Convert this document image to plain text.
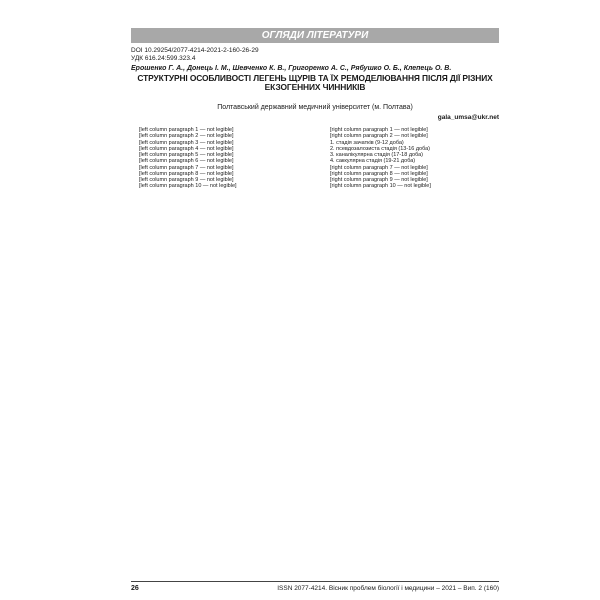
ОГЛЯДИ ЛІТЕРАТУРИ
DOI 10.29254/2077-4214-2021-2-160-26-29
УДК 616.24:599.323.4
Ерошенко Г. А., Донець І. М., Шевченко К. В., Григоренко А. С., Рябушко О. Б., Клепець О. В.
СТРУКТУРНІ ОСОБЛИВОСТІ ЛЕГЕНЬ ЩУРІВ ТА ЇХ РЕМОДЕЛЮВАННЯ ПІСЛЯ ДІЇ РІЗНИХ ЕКЗОГЕННИХ ЧИННИКІВ
Полтавський державний медичний університет (м. Полтава)
gala_umsa@ukr.net

[left column paragraph 1 — not legible]

[left column paragraph 2 — not legible]

[left column paragraph 3 — not legible]

[left column paragraph 4 — not legible]

[left column paragraph 5 — not legible]

[left column paragraph 6 — not legible]

[left column paragraph 7 — not legible]

[left column paragraph 8 — not legible]

[left column paragraph 9 — not legible]

[left column paragraph 10 — not legible]

[right column paragraph 1 — not legible]

[right column paragraph 2 — not legible]

1. стадія зачатків (9-12 доба)

2. псевдозалозиста стадія (13-16 доба)

3. каналікулярна стадія (17-18 доба)

4. саккулярна стадія (19-21 доба)

[right column paragraph 7 — not legible]

[right column paragraph 8 — not legible]

[right column paragraph 9 — not legible]

[right column paragraph 10 — not legible]

26	ISSN 2077-4214. Вісник проблем біології і медицини – 2021 – Вип. 2 (160)
